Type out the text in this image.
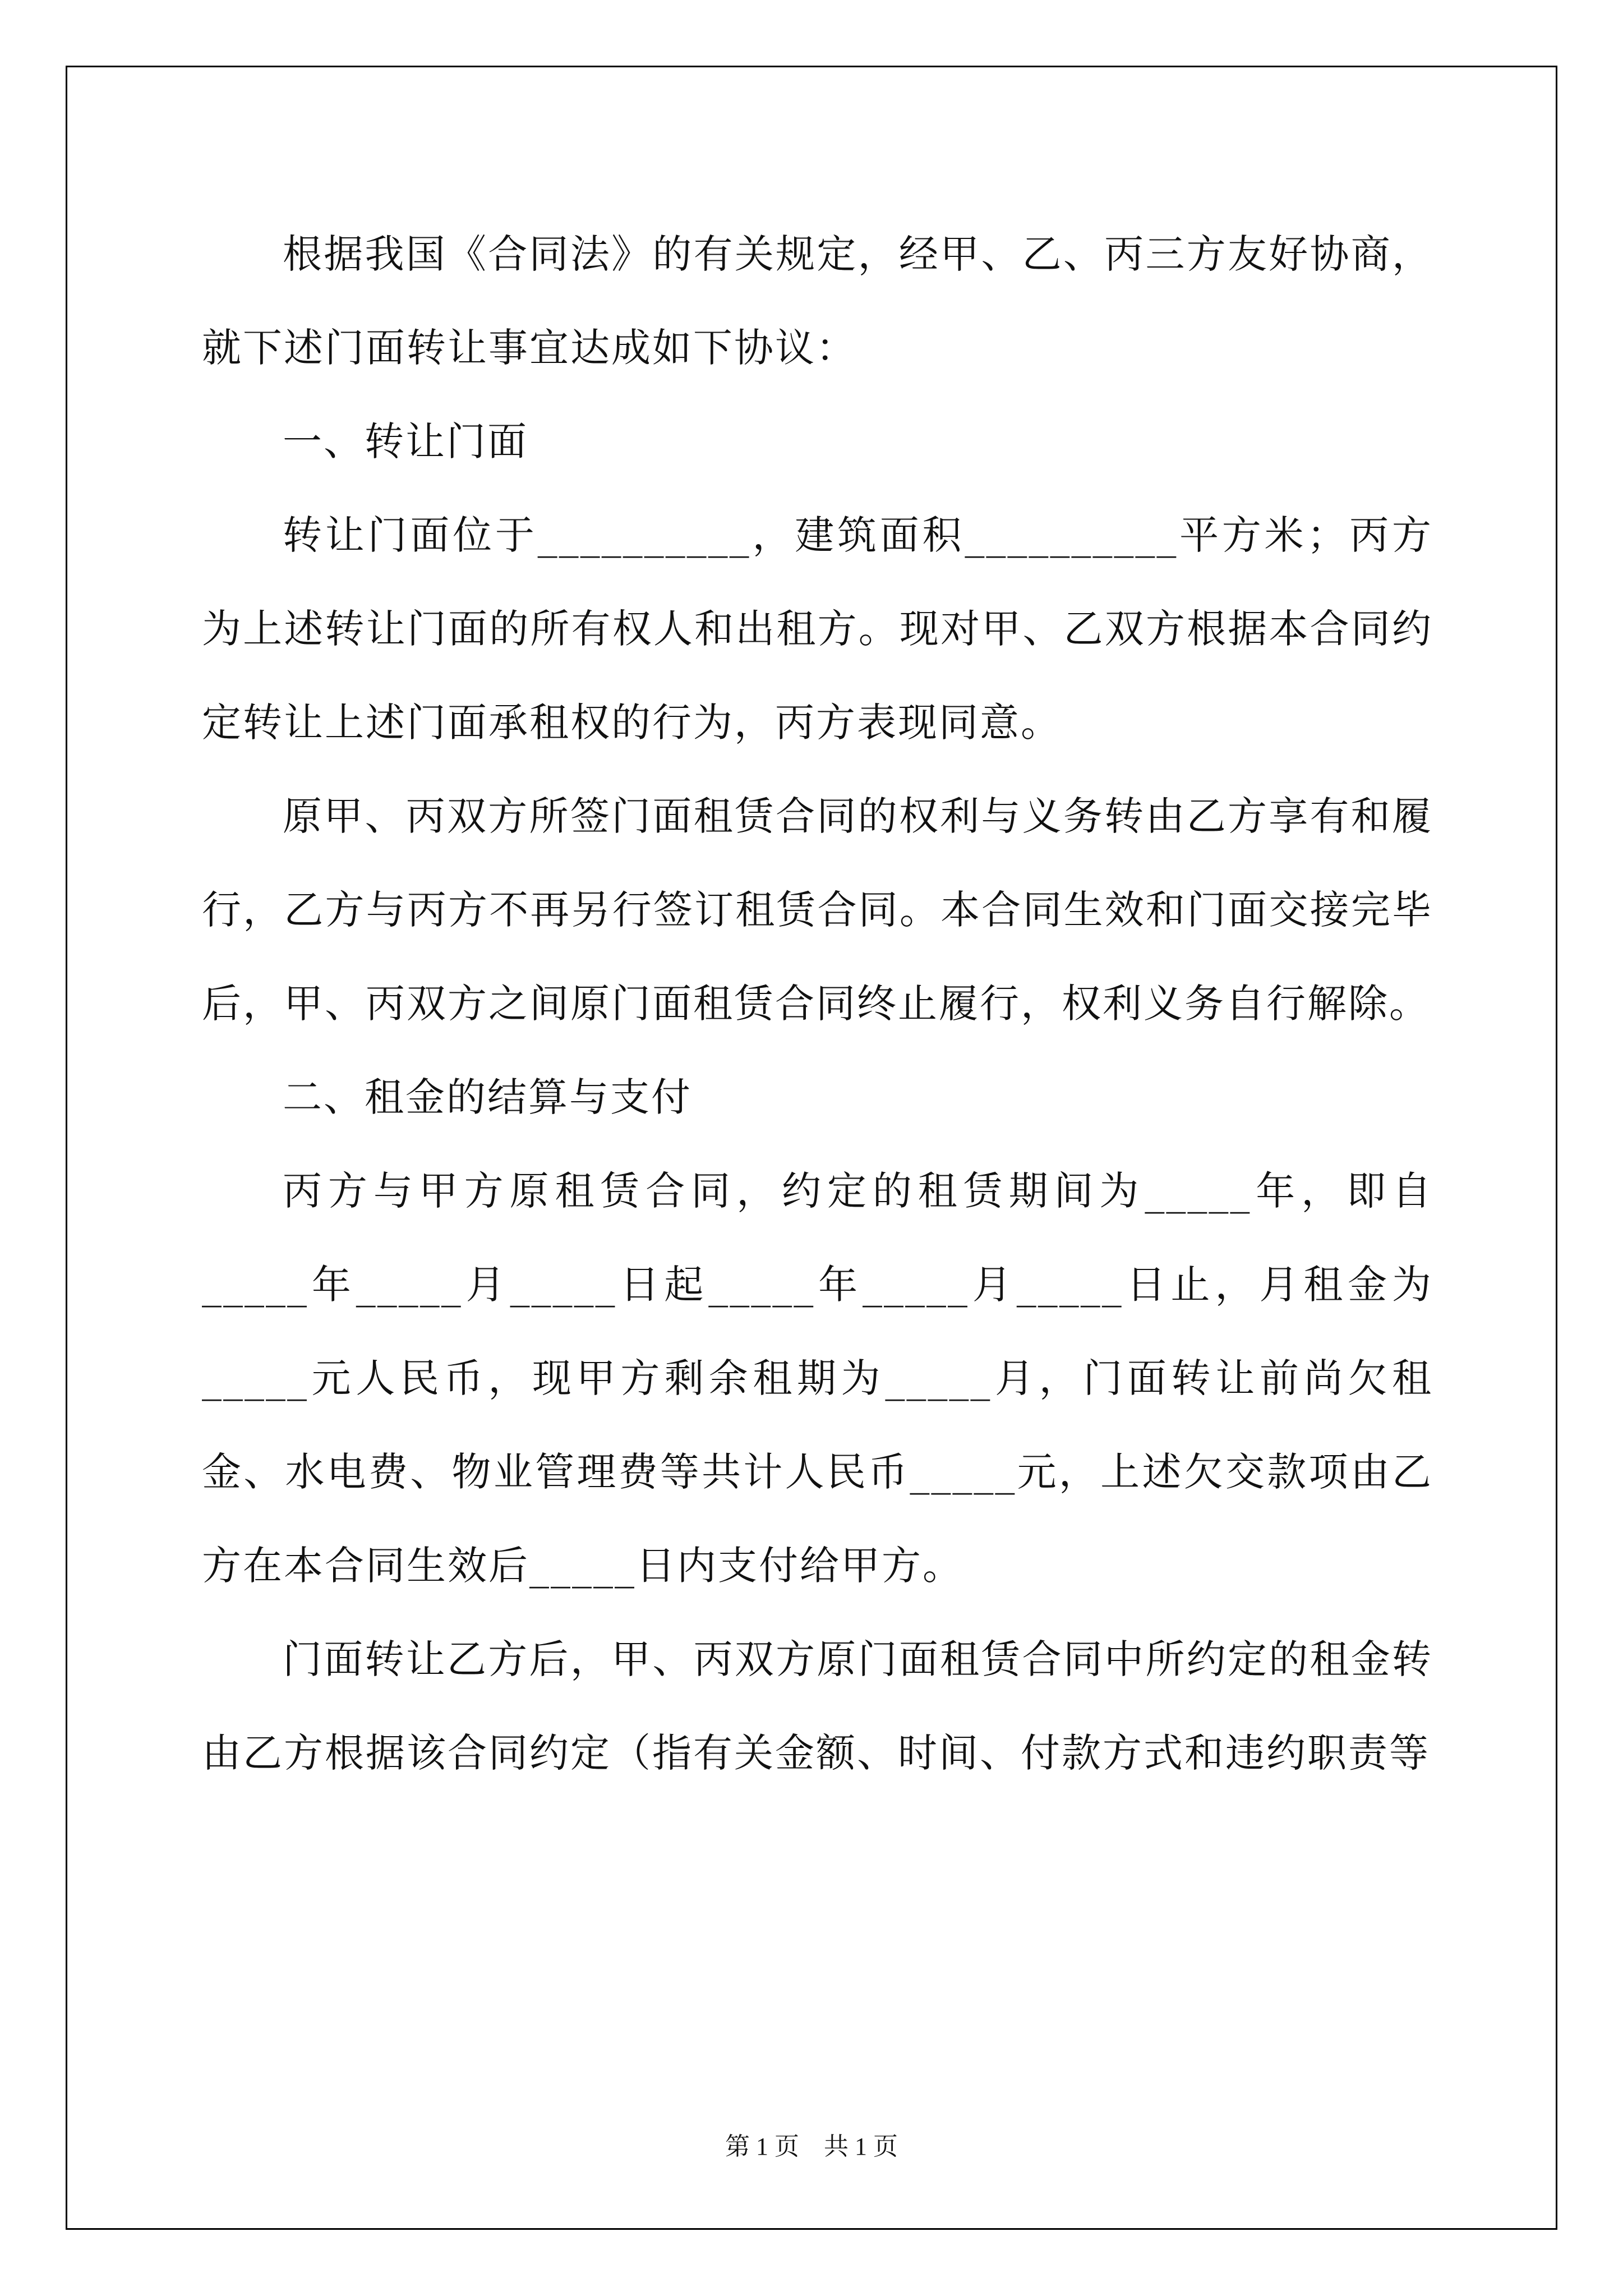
根据我国《合同法》的有关规定，经甲、乙、丙三方友好协商，就下述门面转让事宜达成如下协议：

一、转让门面

转让门面位于__________，建筑面积__________平方米；丙方为上述转让门面的所有权人和出租方。现对甲、乙双方根据本合同约定转让上述门面承租权的行为，丙方表现同意。

原甲、丙双方所签门面租赁合同的权利与义务转由乙方享有和履行，乙方与丙方不再另行签订租赁合同。本合同生效和门面交接完毕后，甲、丙双方之间原门面租赁合同终止履行，权利义务自行解除。

二、租金的结算与支付

丙方与甲方原租赁合同，约定的租赁期间为_____年，即自_____年_____月_____日起_____年_____月_____日止，月租金为_____元人民币，现甲方剩余租期为_____月，门面转让前尚欠租金、水电费、物业管理费等共计人民币_____元，上述欠交款项由乙方在本合同生效后_____日内支付给甲方。

门面转让乙方后，甲、丙双方原门面租赁合同中所约定的租金转由乙方根据该合同约定（指有关金额、时间、付款方式和违约职责等

第 1 页    共 1 页
